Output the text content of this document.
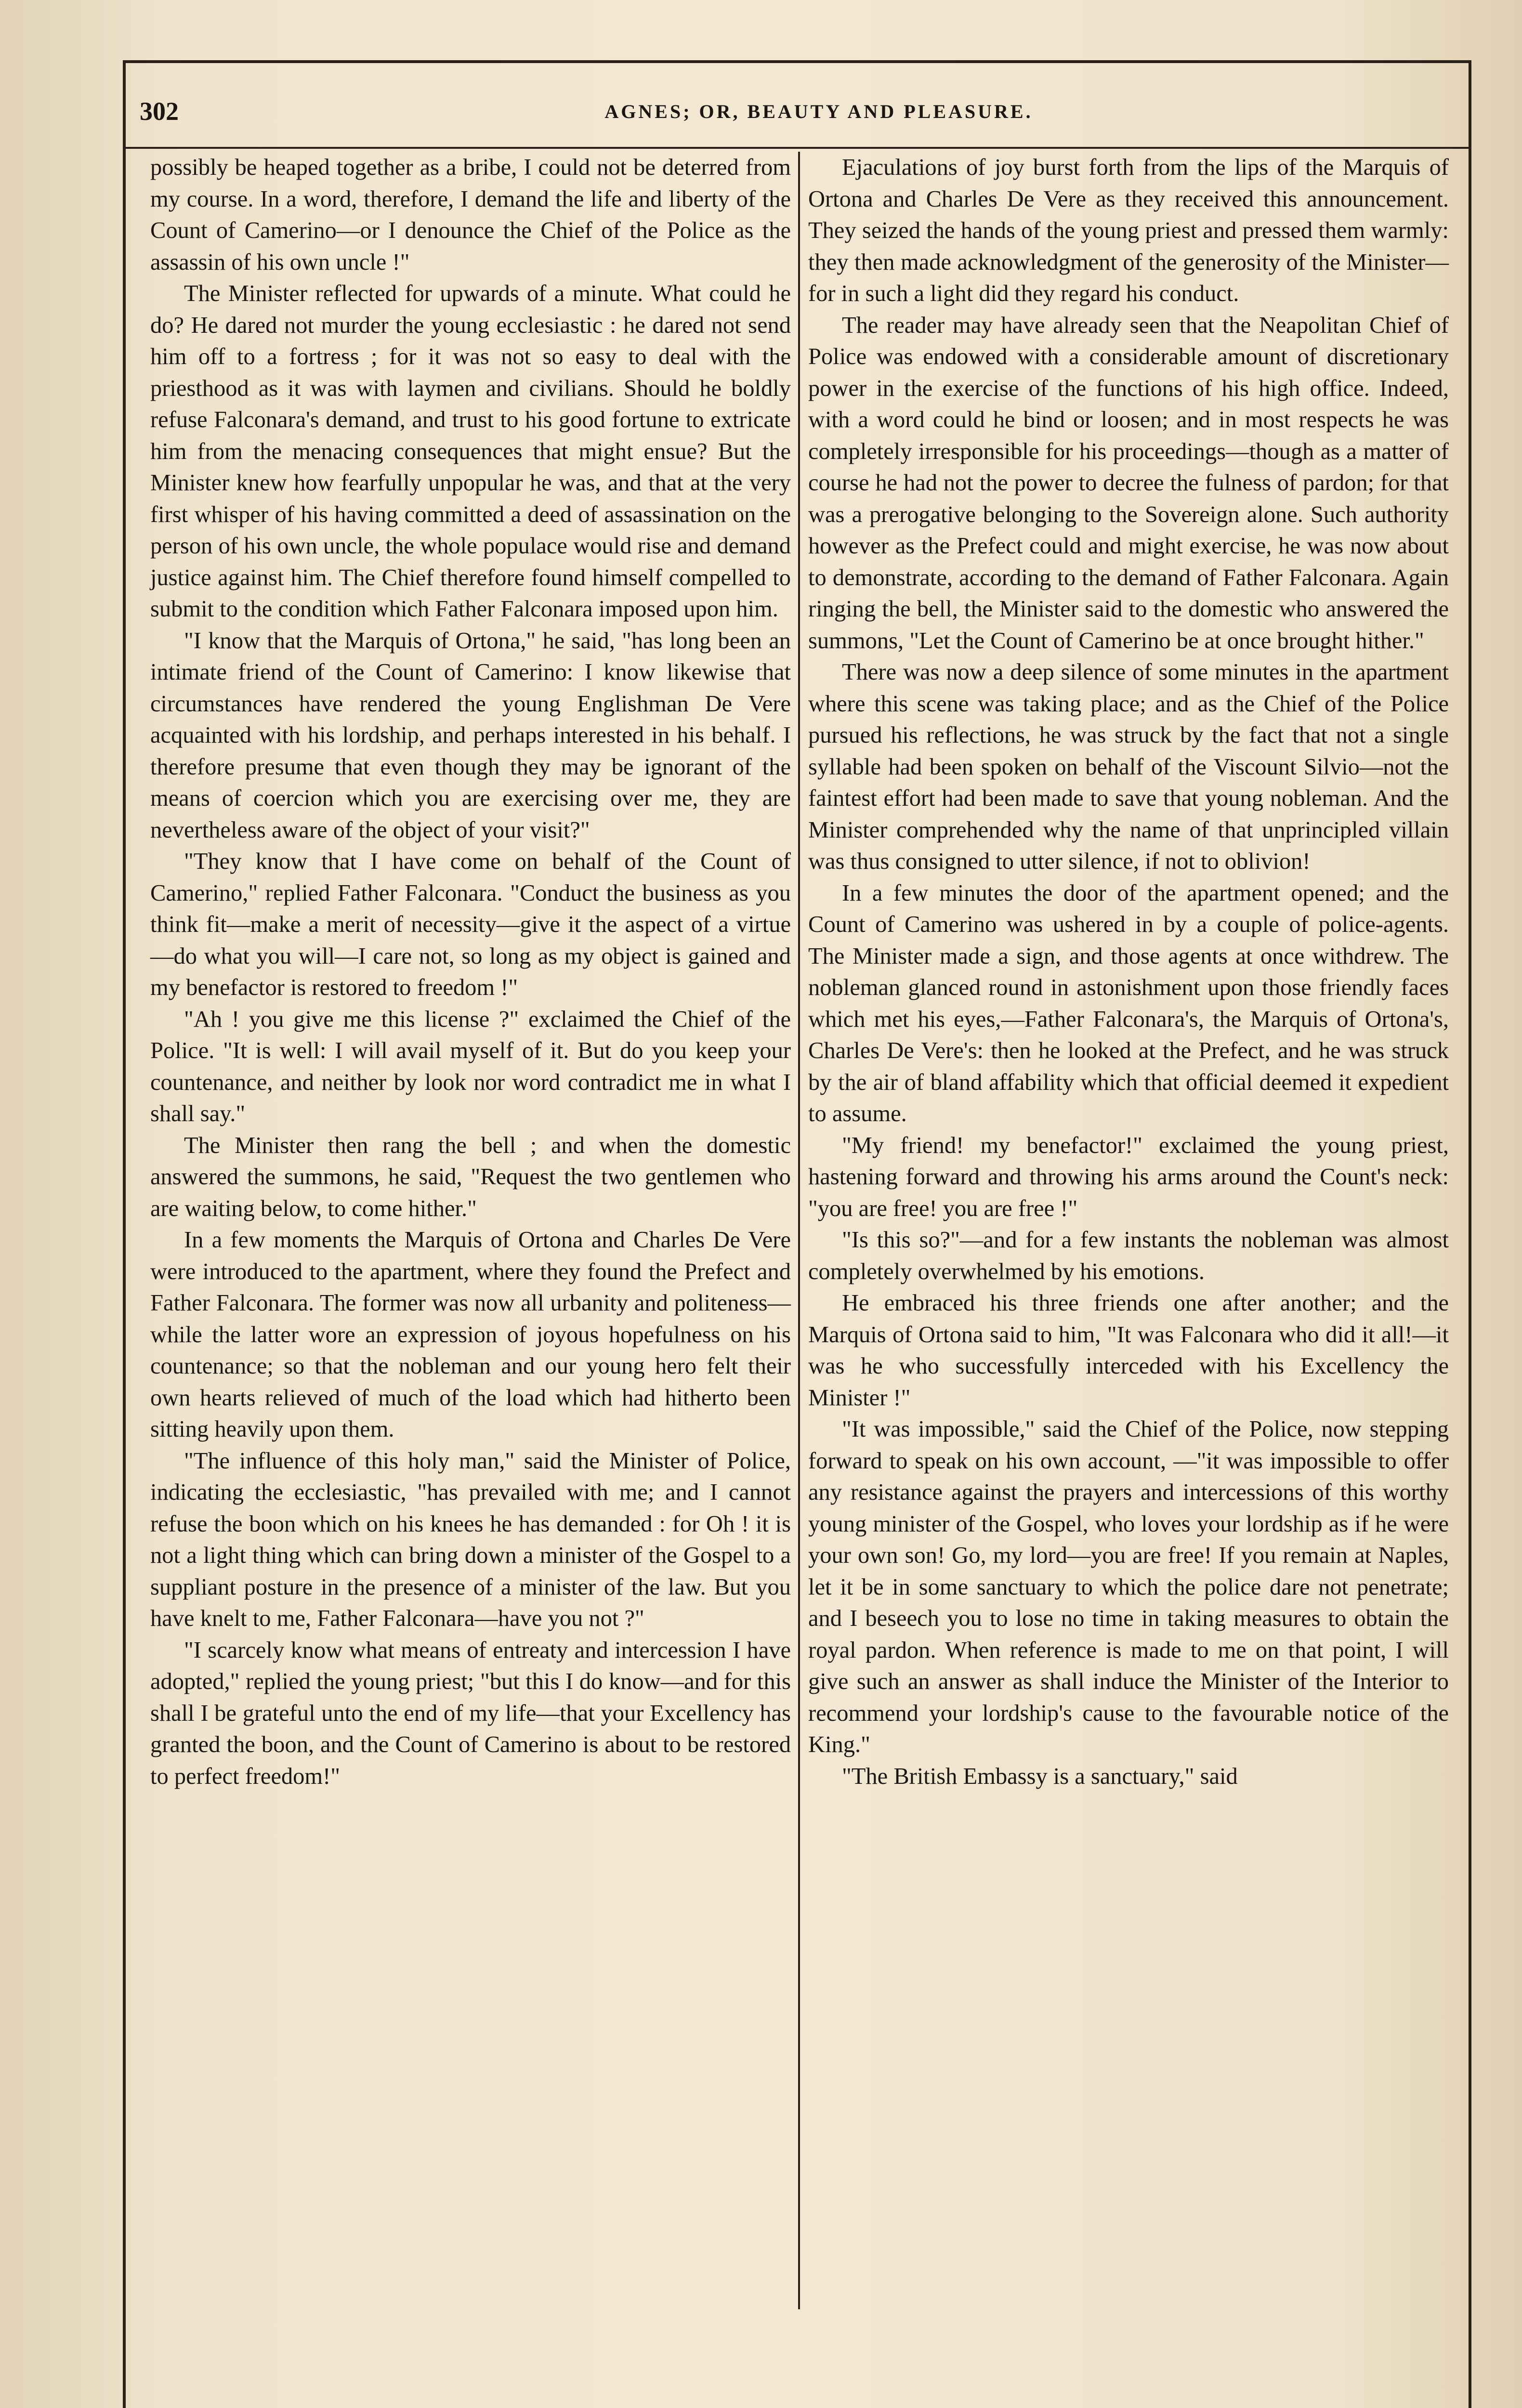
302	AGNES; OR, BEAUTY AND PLEASURE.

possibly be heaped together as a bribe, I could not be deterred from my course. In a word, therefore, I demand the life and liberty of the Count of Camerino—or I denounce the Chief of the Police as the assassin of his own uncle !"

The Minister reflected for upwards of a minute. What could he do? He dared not murder the young ecclesiastic : he dared not send him off to a fortress ; for it was not so easy to deal with the priesthood as it was with laymen and civilians. Should he boldly refuse Falconara's demand, and trust to his good fortune to extricate him from the menacing consequences that might ensue? But the Minister knew how fearfully unpopular he was, and that at the very first whisper of his having committed a deed of assassination on the person of his own uncle, the whole populace would rise and demand justice against him. The Chief therefore found himself compelled to submit to the condition which Father Falconara imposed upon him.

"I know that the Marquis of Ortona," he said, "has long been an intimate friend of the Count of Camerino: I know likewise that circumstances have rendered the young Englishman De Vere acquainted with his lordship, and perhaps interested in his behalf. I therefore presume that even though they may be ignorant of the means of coercion which you are exercising over me, they are nevertheless aware of the object of your visit?"

"They know that I have come on behalf of the Count of Camerino," replied Father Falconara. "Conduct the business as you think fit—make a merit of necessity—give it the aspect of a virtue —do what you will—I care not, so long as my object is gained and my benefactor is restored to freedom !"

"Ah ! you give me this license ?" exclaimed the Chief of the Police. "It is well: I will avail myself of it. But do you keep your countenance, and neither by look nor word contradict me in what I shall say."

The Minister then rang the bell ; and when the domestic answered the summons, he said, "Request the two gentlemen who are waiting below, to come hither."

In a few moments the Marquis of Ortona and Charles De Vere were introduced to the apartment, where they found the Prefect and Father Falconara. The former was now all urbanity and politeness—while the latter wore an expression of joyous hopefulness on his countenance; so that the nobleman and our young hero felt their own hearts relieved of much of the load which had hitherto been sitting heavily upon them.

"The influence of this holy man," said the Minister of Police, indicating the ecclesiastic, "has prevailed with me; and I cannot refuse the boon which on his knees he has demanded : for Oh ! it is not a light thing which can bring down a minister of the Gospel to a suppliant posture in the presence of a minister of the law. But you have knelt to me, Father Falconara—have you not ?"

"I scarcely know what means of entreaty and intercession I have adopted," replied the young priest; "but this I do know—and for this shall I be grateful unto the end of my life—that your Excellency has granted the boon, and the Count of Camerino is about to be restored to perfect freedom!"

Ejaculations of joy burst forth from the lips of the Marquis of Ortona and Charles De Vere as they received this announcement. They seized the hands of the young priest and pressed them warmly: they then made acknowledgment of the generosity of the Minister—for in such a light did they regard his conduct.

The reader may have already seen that the Neapolitan Chief of Police was endowed with a considerable amount of discretionary power in the exercise of the functions of his high office. Indeed, with a word could he bind or loosen; and in most respects he was completely irresponsible for his proceedings—though as a matter of course he had not the power to decree the fulness of pardon; for that was a prerogative belonging to the Sovereign alone. Such authority however as the Prefect could and might exercise, he was now about to demonstrate, according to the demand of Father Falconara. Again ringing the bell, the Minister said to the domestic who answered the summons, "Let the Count of Camerino be at once brought hither."

There was now a deep silence of some minutes in the apartment where this scene was taking place; and as the Chief of the Police pursued his reflections, he was struck by the fact that not a single syllable had been spoken on behalf of the Viscount Silvio—not the faintest effort had been made to save that young nobleman. And the Minister comprehended why the name of that unprincipled villain was thus consigned to utter silence, if not to oblivion!

In a few minutes the door of the apartment opened; and the Count of Camerino was ushered in by a couple of police-agents. The Minister made a sign, and those agents at once withdrew. The nobleman glanced round in astonishment upon those friendly faces which met his eyes,—Father Falconara's, the Marquis of Ortona's, Charles De Vere's: then he looked at the Prefect, and he was struck by the air of bland affability which that official deemed it expedient to assume.

"My friend! my benefactor!" exclaimed the young priest, hastening forward and throwing his arms around the Count's neck: "you are free! you are free !"

"Is this so?"—and for a few instants the nobleman was almost completely overwhelmed by his emotions.

He embraced his three friends one after another; and the Marquis of Ortona said to him, "It was Falconara who did it all!—it was he who successfully interceded with his Excellency the Minister !"

"It was impossible," said the Chief of the Police, now stepping forward to speak on his own account, —"it was impossible to offer any resistance against the prayers and intercessions of this worthy young minister of the Gospel, who loves your lordship as if he were your own son! Go, my lord—you are free! If you remain at Naples, let it be in some sanctuary to which the police dare not penetrate; and I beseech you to lose no time in taking measures to obtain the royal pardon. When reference is made to me on that point, I will give such an answer as shall induce the Minister of the Interior to recommend your lordship's cause to the favourable notice of the King."

"The British Embassy is a sanctuary," said
